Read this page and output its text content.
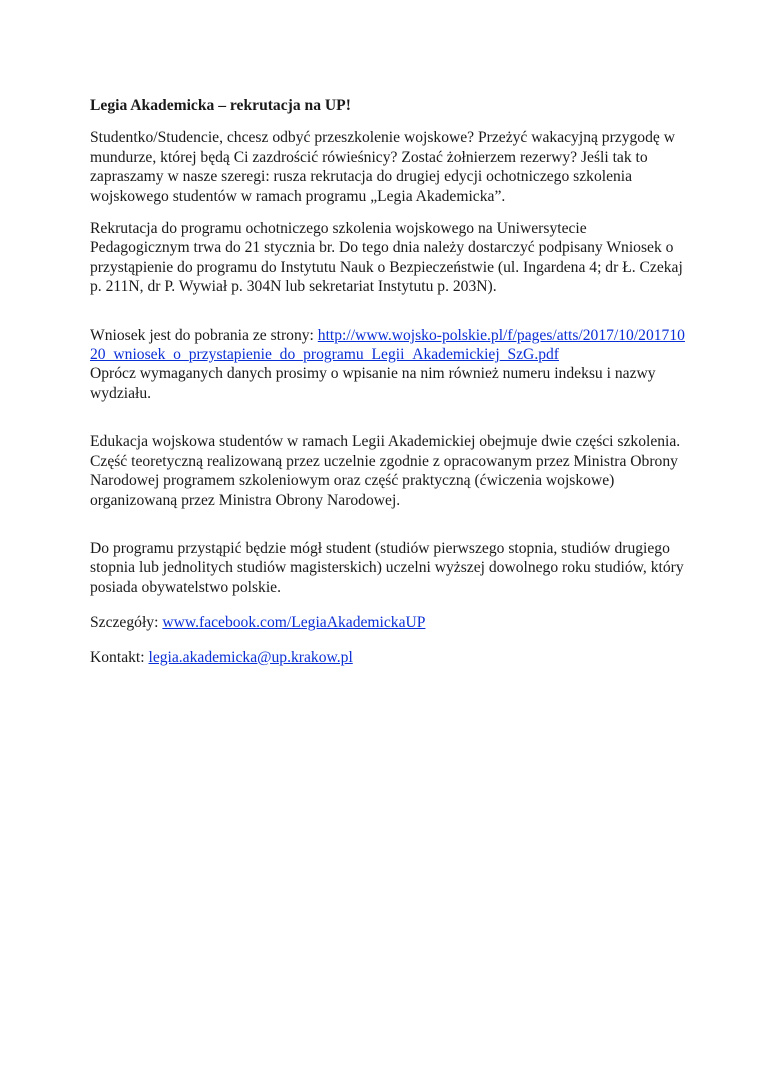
Legia Akademicka – rekrutacja na UP!
Studentko/Studencie, chcesz odbyć przeszkolenie wojskowe? Przeżyć wakacyjną przygodę w mundurze, której będą Ci zazdrościć rówieśnicy? Zostać żołnierzem rezerwy? Jeśli tak to zapraszamy w nasze szeregi: rusza rekrutacja do drugiej edycji ochotniczego szkolenia wojskowego studentów w ramach programu „Legia Akademicka”.
Rekrutacja do programu ochotniczego szkolenia wojskowego na Uniwersytecie Pedagogicznym trwa do 21 stycznia br. Do tego dnia należy dostarczyć podpisany Wniosek o przystąpienie do programu do Instytutu Nauk o Bezpieczeństwie (ul. Ingardena 4; dr Ł. Czekaj p. 211N, dr P. Wywiał p. 304N lub sekretariat Instytutu p. 203N).
Wniosek jest do pobrania ze strony: http://www.wojsko-polskie.pl/f/pages/atts/2017/10/20171020_wniosek_o_przystapienie_do_programu_Legii_Akademickiej_SzG.pdf
Oprócz wymaganych danych prosimy o wpisanie na nim również numeru indeksu i nazwy wydziału.
Edukacja wojskowa studentów w ramach Legii Akademickiej obejmuje dwie części szkolenia. Część teoretyczną realizowaną przez uczelnie zgodnie z opracowanym przez Ministra Obrony Narodowej programem szkoleniowym oraz część praktyczną (ćwiczenia wojskowe) organizowaną przez Ministra Obrony Narodowej.
Do programu przystąpić będzie mógł student (studiów pierwszego stopnia, studiów drugiego stopnia lub jednolitych studiów magisterskich) uczelni wyższej dowolnego roku studiów, który posiada obywatelstwo polskie.
Szczegóły: www.facebook.com/LegiaAkademickaUP
Kontakt: legia.akademicka@up.krakow.pl
